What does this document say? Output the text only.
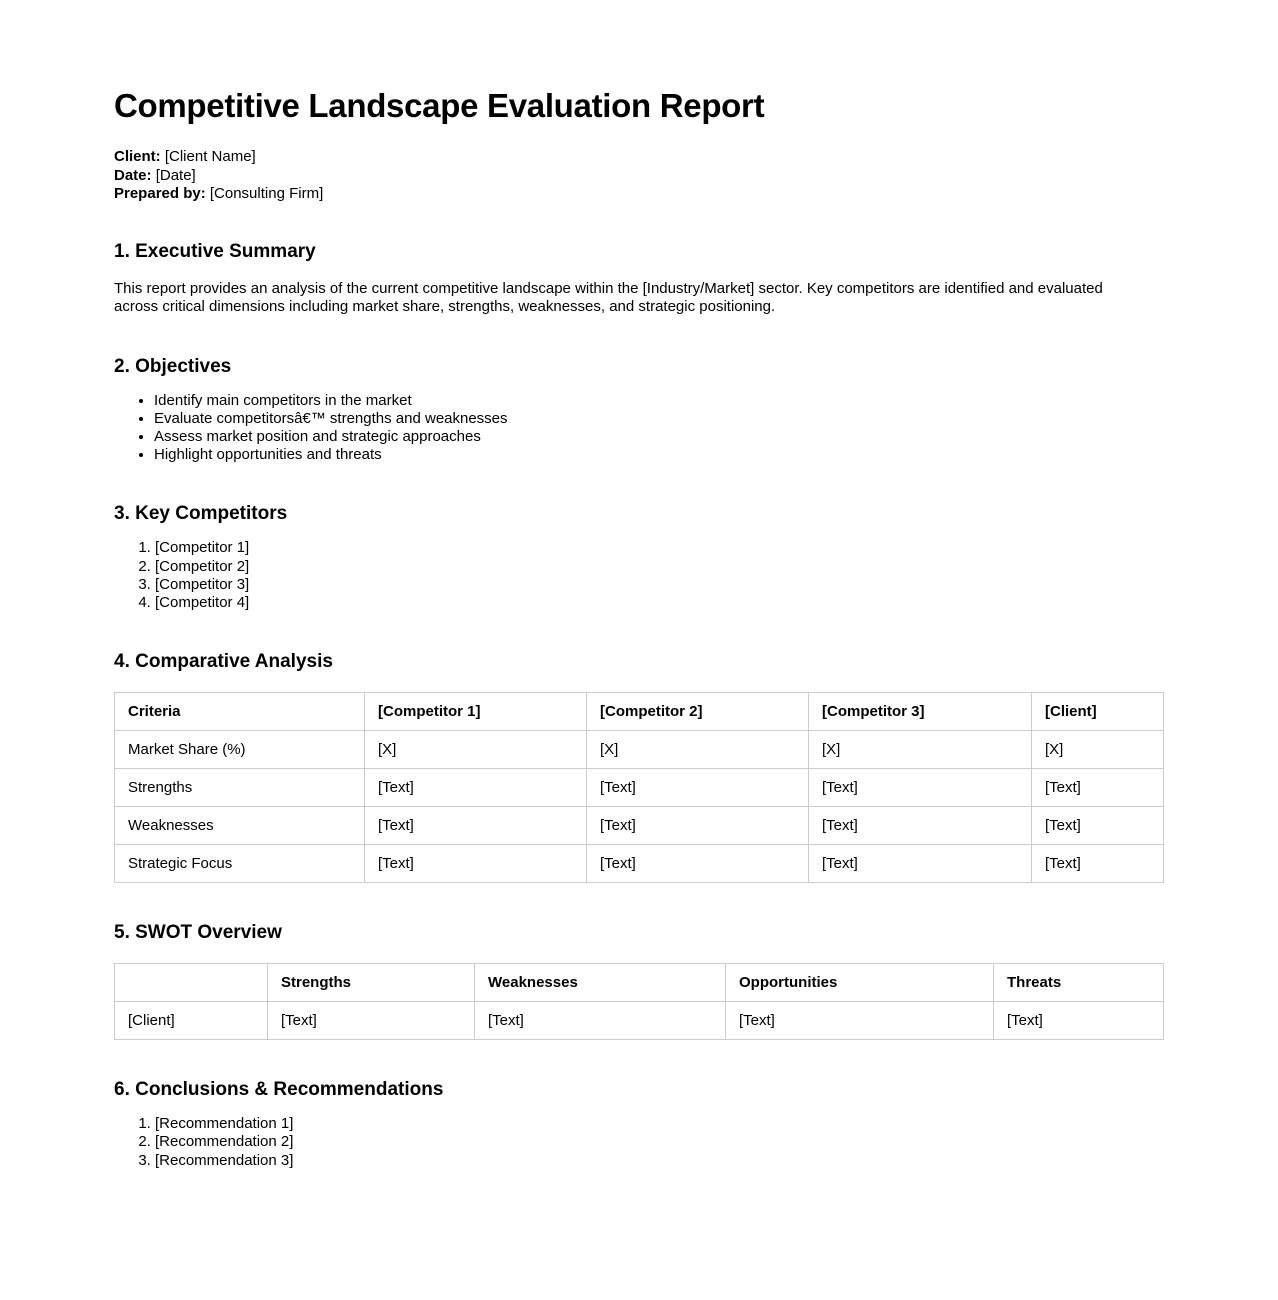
Competitive Landscape Evaluation Report
Client: [Client Name]
Date: [Date]
Prepared by: [Consulting Firm]
1. Executive Summary

This report provides an analysis of the current competitive landscape within the [Industry/Market] sector. Key competitors are identified and evaluated across critical dimensions including market share, strengths, weaknesses, and strategic positioning.

2. Objectives
• Identify main competitors in the market
• Evaluate competitorsâ€™ strengths and weaknesses
• Assess market position and strategic approaches
• Highlight opportunities and threats
3. Key Competitors
1. [Competitor 1]
2. [Competitor 2]
3. [Competitor 3]
4. [Competitor 4]
4. Comparative Analysis
Criteria	[Competitor 1]	[Competitor 2]	[Competitor 3]	[Client]
Market Share (%)	[X]	[X]	[X]	[X]
Strengths	[Text]	[Text]	[Text]	[Text]
Weaknesses	[Text]	[Text]	[Text]	[Text]
Strategic Focus	[Text]	[Text]	[Text]	[Text]
5. SWOT Overview
	Strengths	Weaknesses	Opportunities	Threats
[Client]	[Text]	[Text]	[Text]	[Text]
6. Conclusions & Recommendations
1. [Recommendation 1]
2. [Recommendation 2]
3. [Recommendation 3]
